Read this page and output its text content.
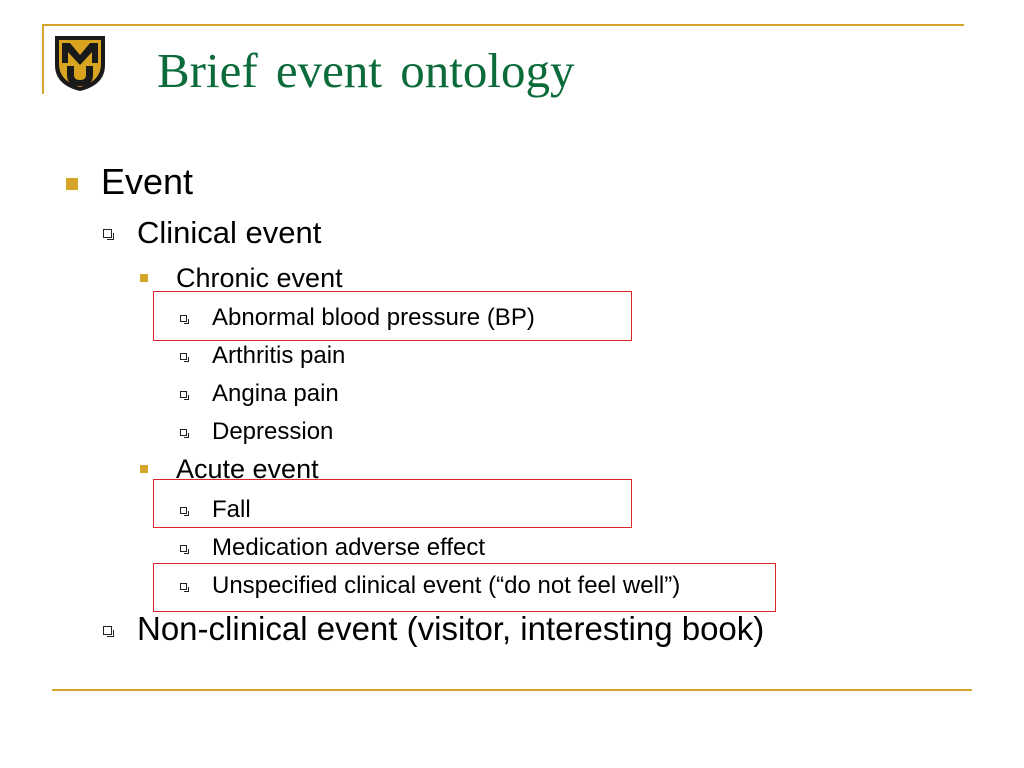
Brief event ontology
Event
Clinical event
Chronic event
Abnormal blood pressure (BP)
Arthritis pain
Angina pain
Depression
Acute event
Fall
Medication adverse effect
Unspecified clinical event (“do not feel well”)
Non-clinical event (visitor, interesting book)
